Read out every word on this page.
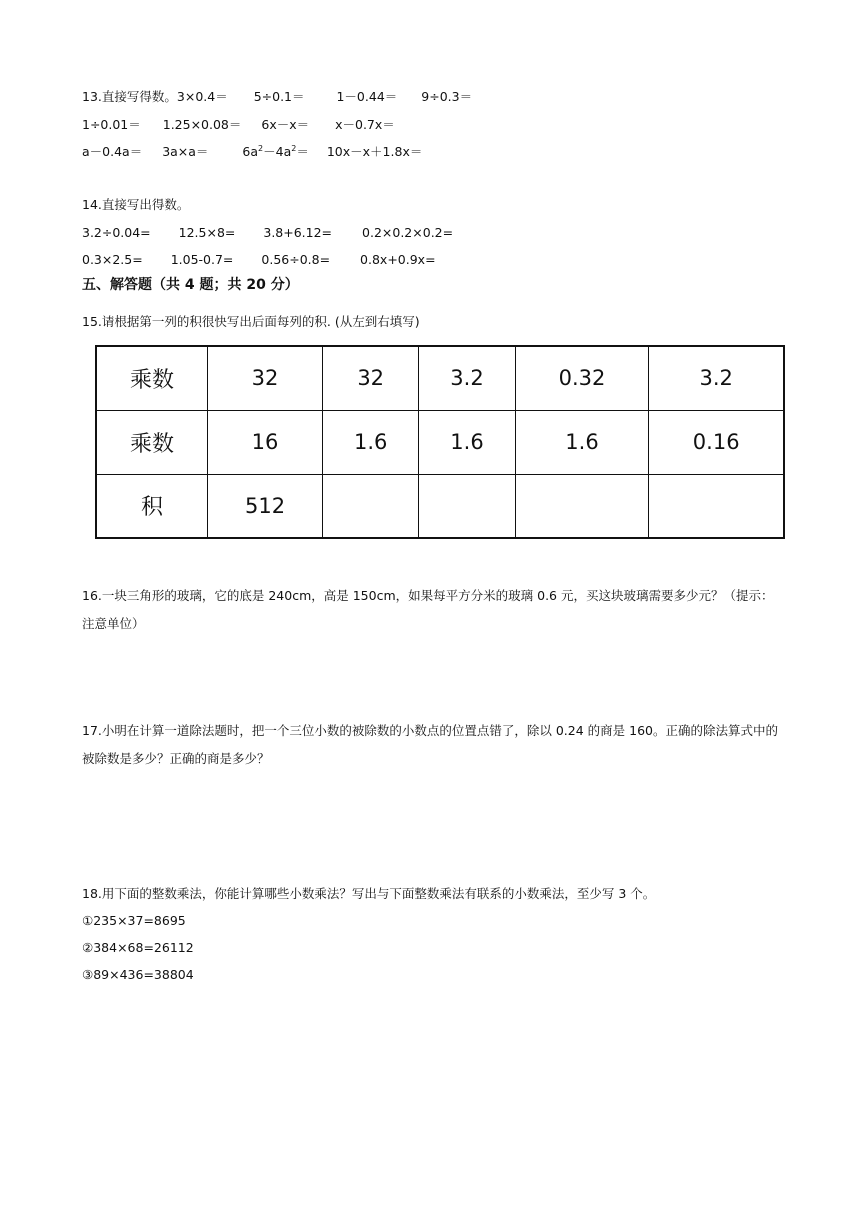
13.直接写得数。3×0.4＝ 5÷0.1＝	1－0.44＝ 9÷0.3＝
1÷0.01＝ 1.25×0.08＝ 6x－x＝ x－0.7x＝
a－0.4a＝ 3a×a＝	$6a^2-4a^2= 10x-x+1.8x=$
14.直接写出得数。
3.2÷0.04= 12.5×8= 3.8+6.12= 0.2×0.2×0.2=
0.3×2.5= 1.05-0.7= 0.56÷0.8= 0.8x+0.9x=
五、解答题（共 4 题；共 20 分）
15.请根据第一列的积很快写出后面每列的积. (从左到右填写)
乘数	32	32	3.2	0.32	3.2
乘数	16	1.6	1.6	1.6	0.16
积	512				
16.一块三角形的玻璃，它的底是 240cm，高是 150cm，如果每平方分米的玻璃 0.6 元，买这块玻璃需要多少元？（提示：注意单位）
17.小明在计算一道除法题时，把一个三位小数的被除数的小数点的位置点错了，除以 0.24 的商是 160。正确的除法算式中的被除数是多少？正确的商是多少？
18.用下面的整数乘法，你能计算哪些小数乘法？写出与下面整数乘法有联系的小数乘法，至少写 3 个。
①235×37=8695
②384×68=26112
③89×436=38804
